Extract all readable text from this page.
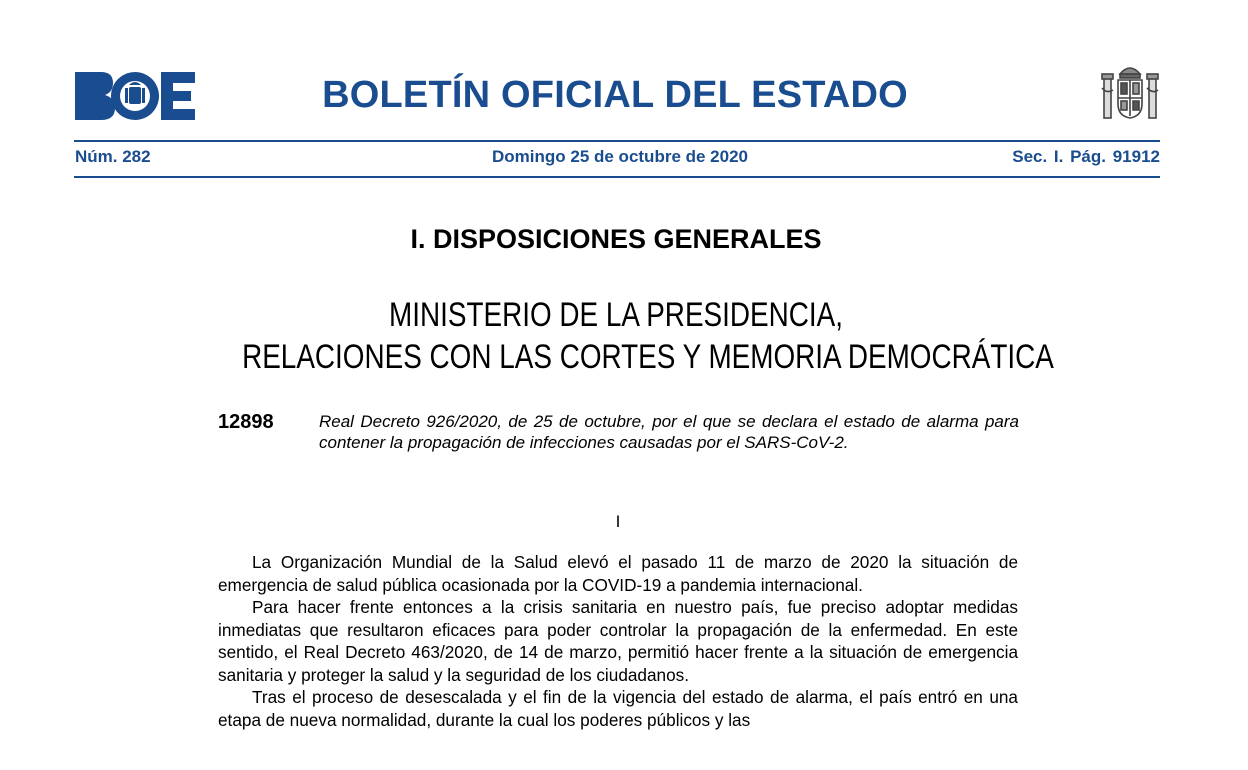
BOLETÍN OFICIAL DEL ESTADO
Núm. 282	Domingo 25 de octubre de 2020	Sec. I. Pág. 91912
I. DISPOSICIONES GENERALES
MINISTERIO DE LA PRESIDENCIA,
RELACIONES CON LAS CORTES Y MEMORIA DEMOCRÁTICA
12898	Real Decreto 926/2020, de 25 de octubre, por el que se declara el estado de alarma para contener la propagación de infecciones causadas por el SARS-CoV-2.
I

La Organización Mundial de la Salud elevó el pasado 11 de marzo de 2020 la situación de emergencia de salud pública ocasionada por la COVID-19 a pandemia internacional.

Para hacer frente entonces a la crisis sanitaria en nuestro país, fue preciso adoptar medidas inmediatas que resultaron eficaces para poder controlar la propagación de la enfermedad. En este sentido, el Real Decreto 463/2020, de 14 de marzo, permitió hacer frente a la situación de emergencia sanitaria y proteger la salud y la seguridad de los ciudadanos.

Tras el proceso de desescalada y el fin de la vigencia del estado de alarma, el país entró en una etapa de nueva normalidad, durante la cual los poderes públicos y las
